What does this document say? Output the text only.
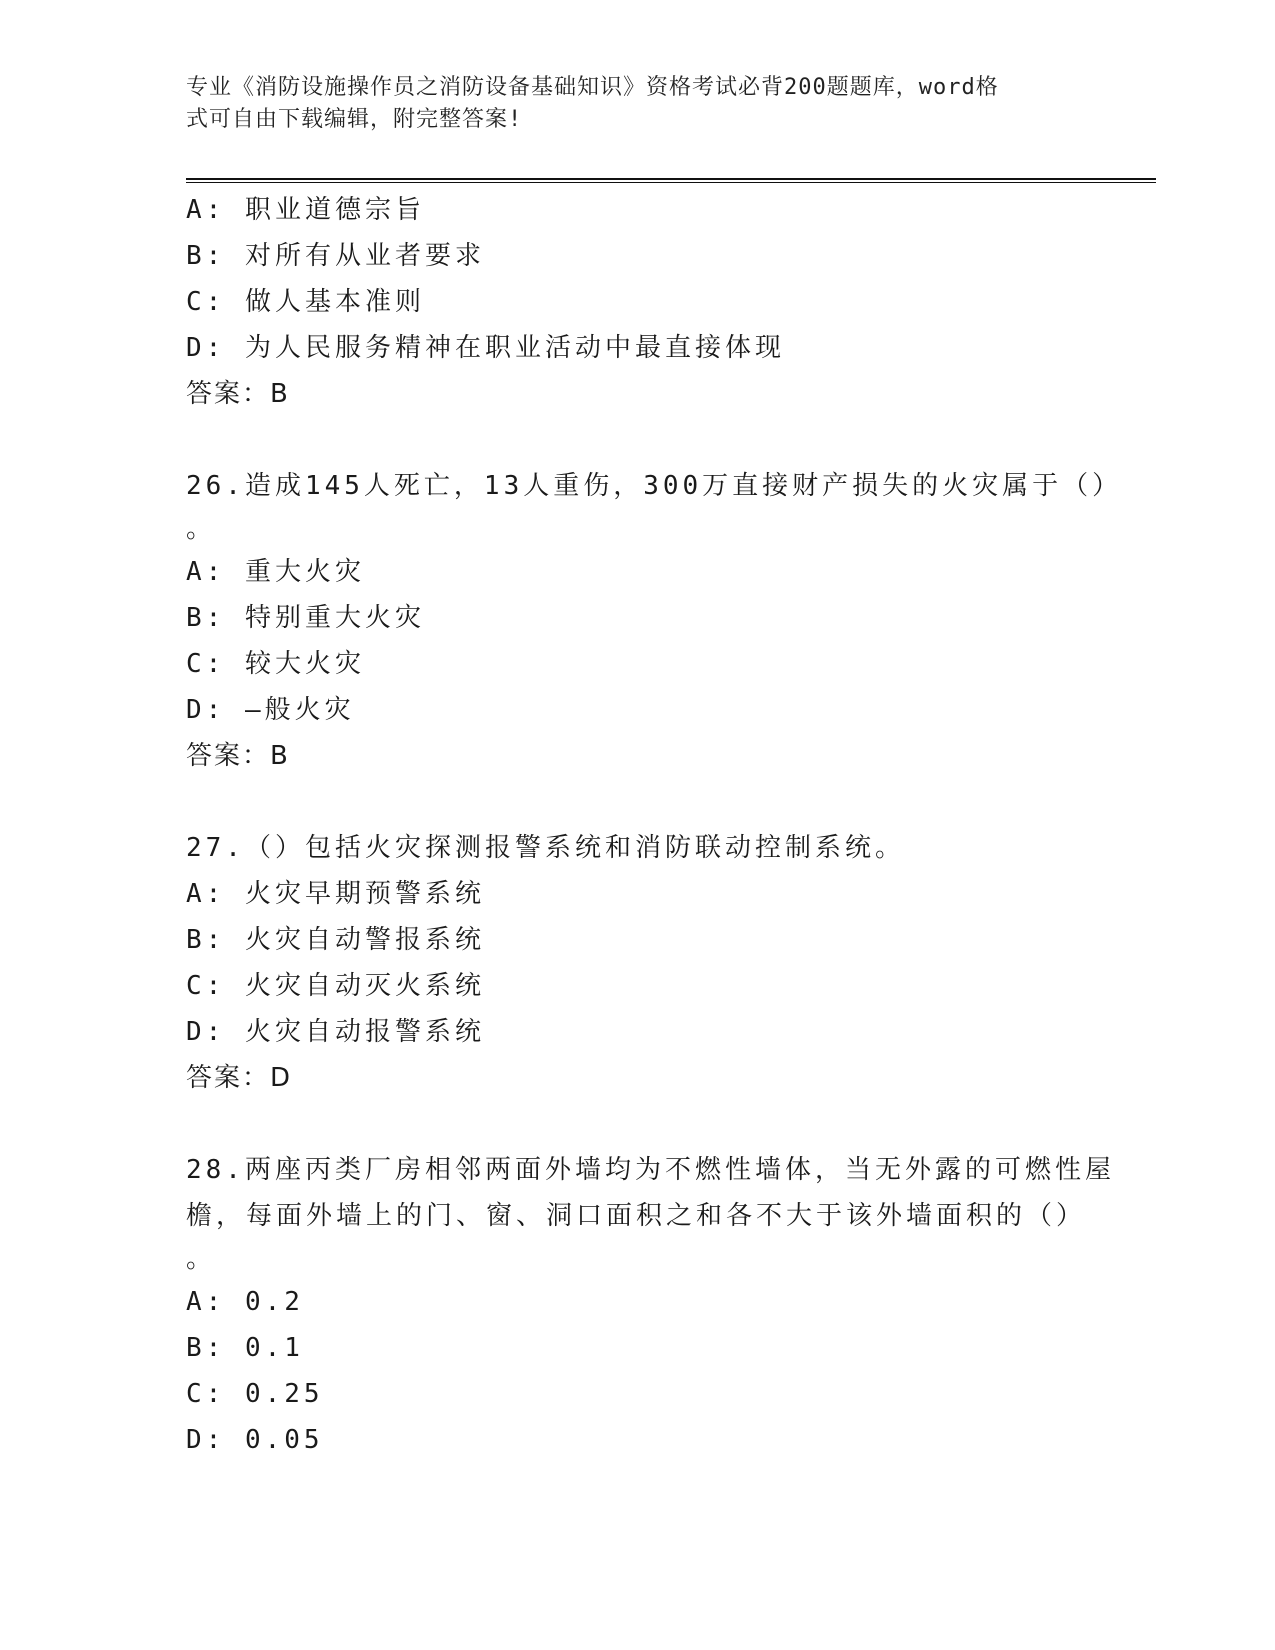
专业《消防设施操作员之消防设备基础知识》资格考试必背200题题库，word格
式可自由下载编辑，附完整答案!
A: 职业道德宗旨
B: 对所有从业者要求
C: 做人基本准则
D: 为人民服务精神在职业活动中最直接体现
答案：B
26.造成145人死亡，13人重伤，300万直接财产损失的火灾属于（）
。
A: 重大火灾
B: 特别重大火灾
C: 较大火灾
D: —般火灾
答案：B
27.（）包括火灾探测报警系统和消防联动控制系统。
A: 火灾早期预警系统
B: 火灾自动警报系统
C: 火灾自动灭火系统
D: 火灾自动报警系统
答案：D
28.两座丙类厂房相邻两面外墙均为不燃性墙体，当无外露的可燃性屋
檐，每面外墙上的门、窗、洞口面积之和各不大于该外墙面积的（）
。
A: 0.2
B: 0.1
C: 0.25
D: 0.05
